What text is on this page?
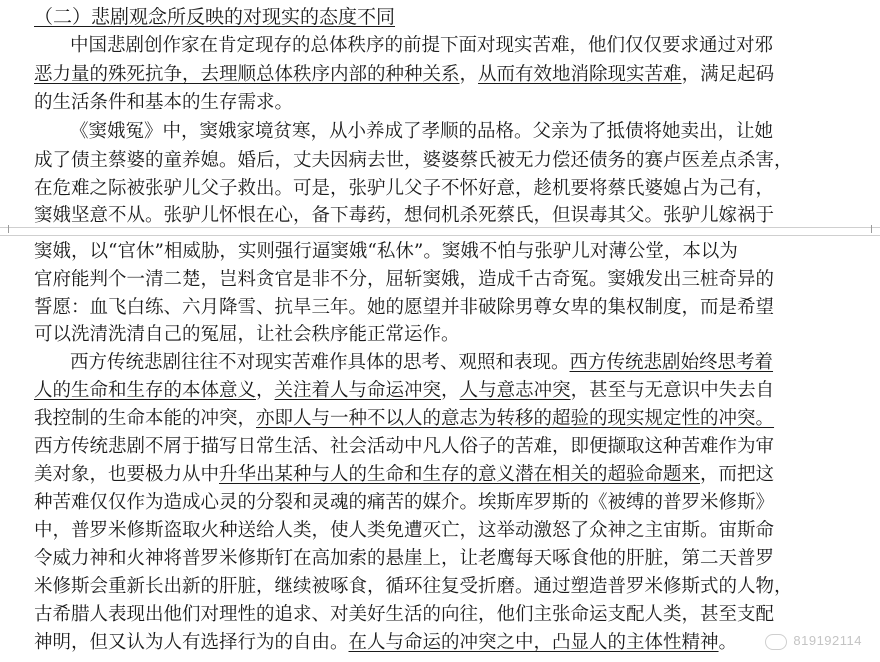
（二）悲剧观念所反映的对现实的态度不同
中国悲剧创作家在肯定现存的总体秩序的前提下面对现实苦难，他们仅仅要求通过对邪
恶力量的殊死抗争，去理顺总体秩序内部的种种关系，从而有效地消除现实苦难，满足起码
的生活条件和基本的生存需求。
《窦娥冤》中，窦娥家境贫寒，从小养成了孝顺的品格。父亲为了抵债将她卖出，让她
成了债主蔡婆的童养媳。婚后，丈夫因病去世，婆婆蔡氏被无力偿还债务的赛卢医差点杀害，
在危难之际被张驴儿父子救出。可是，张驴儿父子不怀好意，趁机要将蔡氏婆媳占为己有，
窦娥坚意不从。张驴儿怀恨在心，备下毒药，想伺机杀死蔡氏，但误毒其父。张驴儿嫁祸于
窦娥，以“官休”相威胁，实则强行逼窦娥“私休”。窦娥不怕与张驴儿对薄公堂，本以为
官府能判个一清二楚，岂料贪官是非不分，屈斩窦娥，造成千古奇冤。窦娥发出三桩奇异的
誓愿：血飞白练、六月降雪、抗旱三年。她的愿望并非破除男尊女卑的集权制度，而是希望
可以洗清洗清自己的冤屈，让社会秩序能正常运作。
西方传统悲剧往往不对现实苦难作具体的思考、观照和表现。西方传统悲剧始终思考着
人的生命和生存的本体意义，关注着人与命运冲突，人与意志冲突，甚至与无意识中失去自
我控制的生命本能的冲突，亦即人与一种不以人的意志为转移的超验的现实规定性的冲突。
西方传统悲剧不屑于描写日常生活、社会活动中凡人俗子的苦难，即便撷取这种苦难作为审
美对象，也要极力从中升华出某种与人的生命和生存的意义潜在相关的超验命题来，而把这
种苦难仅仅作为造成心灵的分裂和灵魂的痛苦的媒介。埃斯库罗斯的《被缚的普罗米修斯》
中，普罗米修斯盗取火种送给人类，使人类免遭灭亡，这举动激怒了众神之主宙斯。宙斯命
令威力神和火神将普罗米修斯钉在高加索的悬崖上，让老鹰每天啄食他的肝脏，第二天普罗
米修斯会重新长出新的肝脏，继续被啄食，循环往复受折磨。通过塑造普罗米修斯式的人物，
古希腊人表现出他们对理性的追求、对美好生活的向往，他们主张命运支配人类，甚至支配
神明，但又认为人有选择行为的自由。在人与命运的冲突之中，凸显人的主体性精神。	819192114
